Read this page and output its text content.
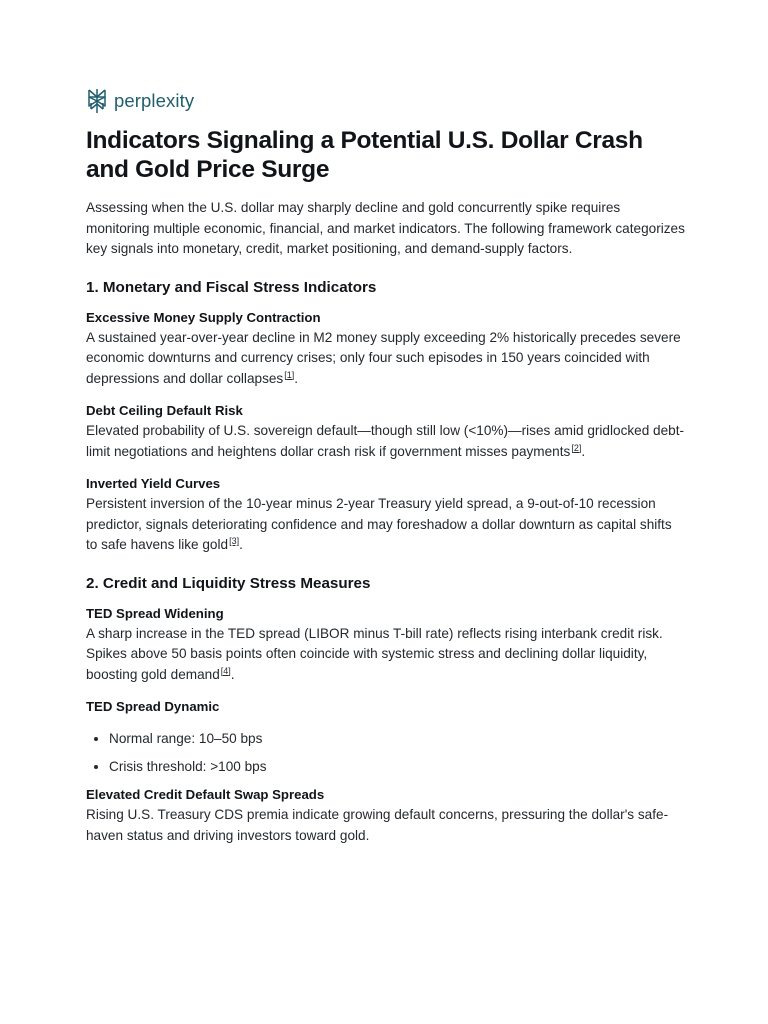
perplexity
Indicators Signaling a Potential U.S. Dollar Crash and Gold Price Surge

Assessing when the U.S. dollar may sharply decline and gold concurrently spike requires monitoring multiple economic, financial, and market indicators. The following framework categorizes key signals into monetary, credit, market positioning, and demand-supply factors.

1. Monetary and Fiscal Stress Indicators
Excessive Money Supply Contraction

A sustained year-over-year decline in M2 money supply exceeding 2% historically precedes severe economic downturns and currency crises; only four such episodes in 150 years coincided with depressions and dollar collapses[1].

Debt Ceiling Default Risk

Elevated probability of U.S. sovereign default—though still low (<10%)—rises amid gridlocked debt-limit negotiations and heightens dollar crash risk if government misses payments[2].

Inverted Yield Curves

Persistent inversion of the 10-year minus 2-year Treasury yield spread, a 9-out-of-10 recession predictor, signals deteriorating confidence and may foreshadow a dollar downturn as capital shifts to safe havens like gold[3].

2. Credit and Liquidity Stress Measures
TED Spread Widening

A sharp increase in the TED spread (LIBOR minus T-bill rate) reflects rising interbank credit risk. Spikes above 50 basis points often coincide with systemic stress and declining dollar liquidity, boosting gold demand[4].

TED Spread Dynamic
• Normal range: 10–50 bps
• Crisis threshold: >100 bps
Elevated Credit Default Swap Spreads

Rising U.S. Treasury CDS premia indicate growing default concerns, pressuring the dollar's safe-haven status and driving investors toward gold.
